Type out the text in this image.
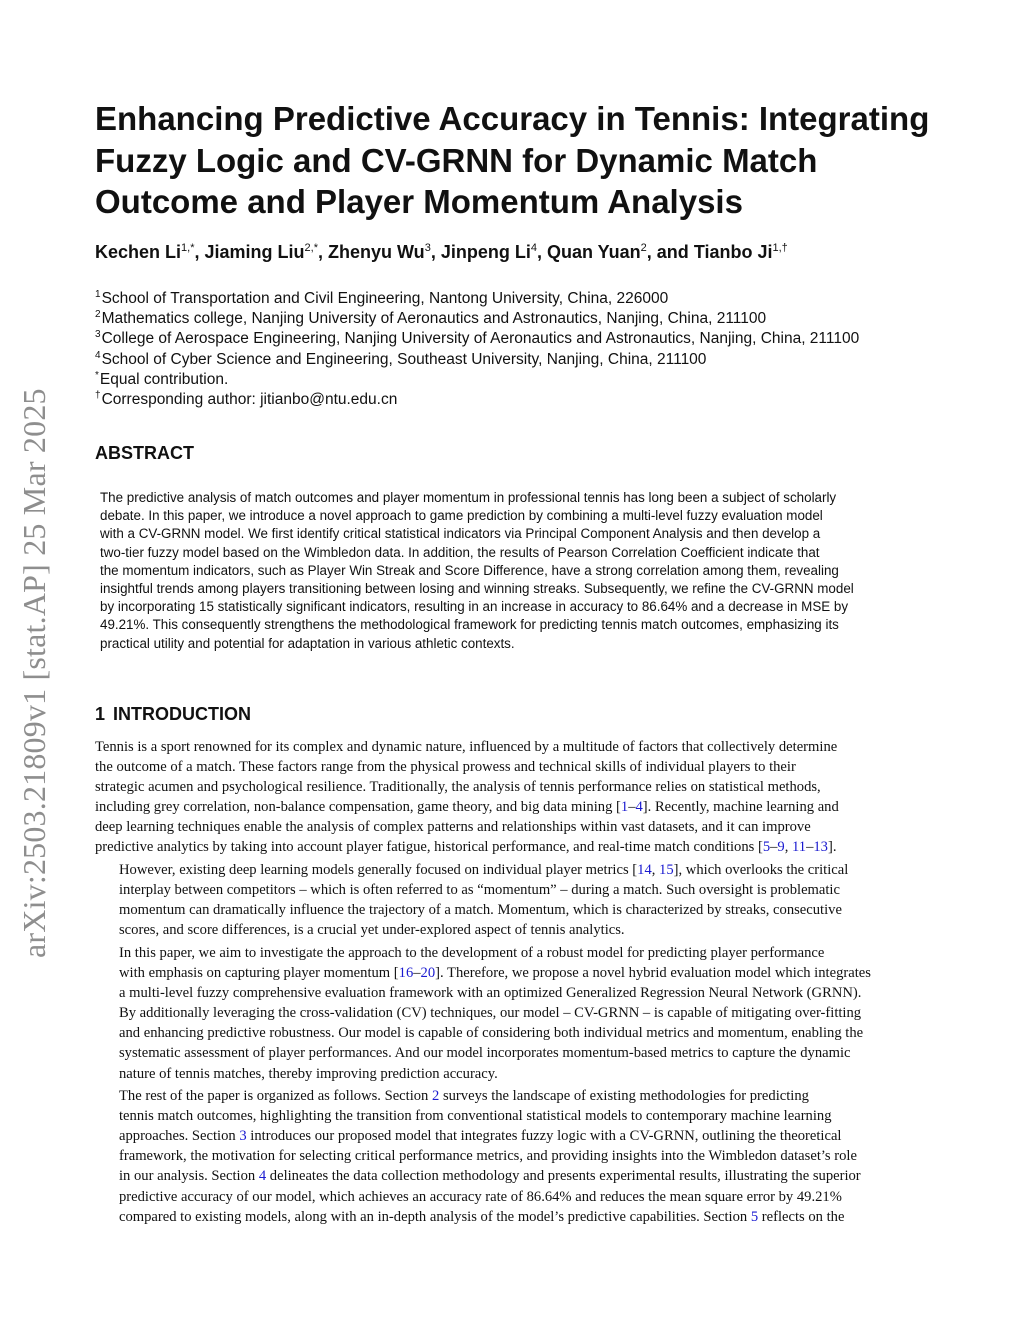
arXiv:2503.21809v1 [stat.AP] 25 Mar 2025
Enhancing Predictive Accuracy in Tennis: Integrating
Fuzzy Logic and CV-GRNN for Dynamic Match
Outcome and Player Momentum Analysis
Kechen $Li^{1,*}$, Jiaming Liu$^{2,*}$, Zhenyu Wu$^3$, Jinpeng Li$^4$, Quan Yuan$^2$, and Tianbo $Ji^{1,\dagger}$
$^1$School of Transportation and Civil Engineering, Nantong University, China, 226000
$^2$Mathematics college, Nanjing University of Aeronautics and Astronautics, Nanjing, China, 211100
$^3$College of Aerospace Engineering, Nanjing University of Aeronautics and Astronautics, Nanjing, China, 211100
$^4$School of Cyber Science and Engineering, Southeast University, Nanjing, China, 211100
*Equal contribution.
†Corresponding author: jitianbo@ntu.edu.cn
ABSTRACT
The predictive analysis of match outcomes and player momentum in professional tennis has long been a subject of scholarly
debate. In this paper, we introduce a novel approach to game prediction by combining a multi-level fuzzy evaluation model
with a CV-GRNN model. We first identify critical statistical indicators via Principal Component Analysis and then develop a
two-tier fuzzy model based on the Wimbledon data. In addition, the results of Pearson Correlation Coefficient indicate that
the momentum indicators, such as Player Win Streak and Score Difference, have a strong correlation among them, revealing
insightful trends among players transitioning between losing and winning streaks. Subsequently, we refine the CV-GRNN model
by incorporating 15 statistically significant indicators, resulting in an increase in accuracy to 86.64% and a decrease in MSE by
49.21%. This consequently strengthens the methodological framework for predicting tennis match outcomes, emphasizing its
practical utility and potential for adaptation in various athletic contexts.
1 INTRODUCTION
Tennis is a sport renowned for its complex and dynamic nature, influenced by a multitude of factors that collectively determine
the outcome of a match. These factors range from the physical prowess and technical skills of individual players to their
strategic acumen and psychological resilience. Traditionally, the analysis of tennis performance relies on statistical methods,
including grey correlation, non-balance compensation, game theory, and big data mining [1–4]. Recently, machine learning and
deep learning techniques enable the analysis of complex patterns and relationships within vast datasets, and it can improve
predictive analytics by taking into account player fatigue, historical performance, and real-time match conditions [5–9, 11–13].
However, existing deep learning models generally focused on individual player metrics [14, 15], which overlooks the critical
interplay between competitors – which is often referred to as “momentum” – during a match. Such oversight is problematic
momentum can dramatically influence the trajectory of a match. Momentum, which is characterized by streaks, consecutive
scores, and score differences, is a crucial yet under-explored aspect of tennis analytics.
In this paper, we aim to investigate the approach to the development of a robust model for predicting player performance
with emphasis on capturing player momentum [16–20]. Therefore, we propose a novel hybrid evaluation model which integrates
a multi-level fuzzy comprehensive evaluation framework with an optimized Generalized Regression Neural Network (GRNN).
By additionally leveraging the cross-validation (CV) techniques, our model – CV-GRNN – is capable of mitigating over-fitting
and enhancing predictive robustness. Our model is capable of considering both individual metrics and momentum, enabling the
systematic assessment of player performances. And our model incorporates momentum-based metrics to capture the dynamic
nature of tennis matches, thereby improving prediction accuracy.
The rest of the paper is organized as follows. Section 2 surveys the landscape of existing methodologies for predicting
tennis match outcomes, highlighting the transition from conventional statistical models to contemporary machine learning
approaches. Section 3 introduces our proposed model that integrates fuzzy logic with a CV-GRNN, outlining the theoretical
framework, the motivation for selecting critical performance metrics, and providing insights into the Wimbledon dataset’s role
in our analysis. Section 4 delineates the data collection methodology and presents experimental results, illustrating the superior
predictive accuracy of our model, which achieves an accuracy rate of 86.64% and reduces the mean square error by 49.21%
compared to existing models, along with an in-depth analysis of the model’s predictive capabilities. Section 5 reflects on the
